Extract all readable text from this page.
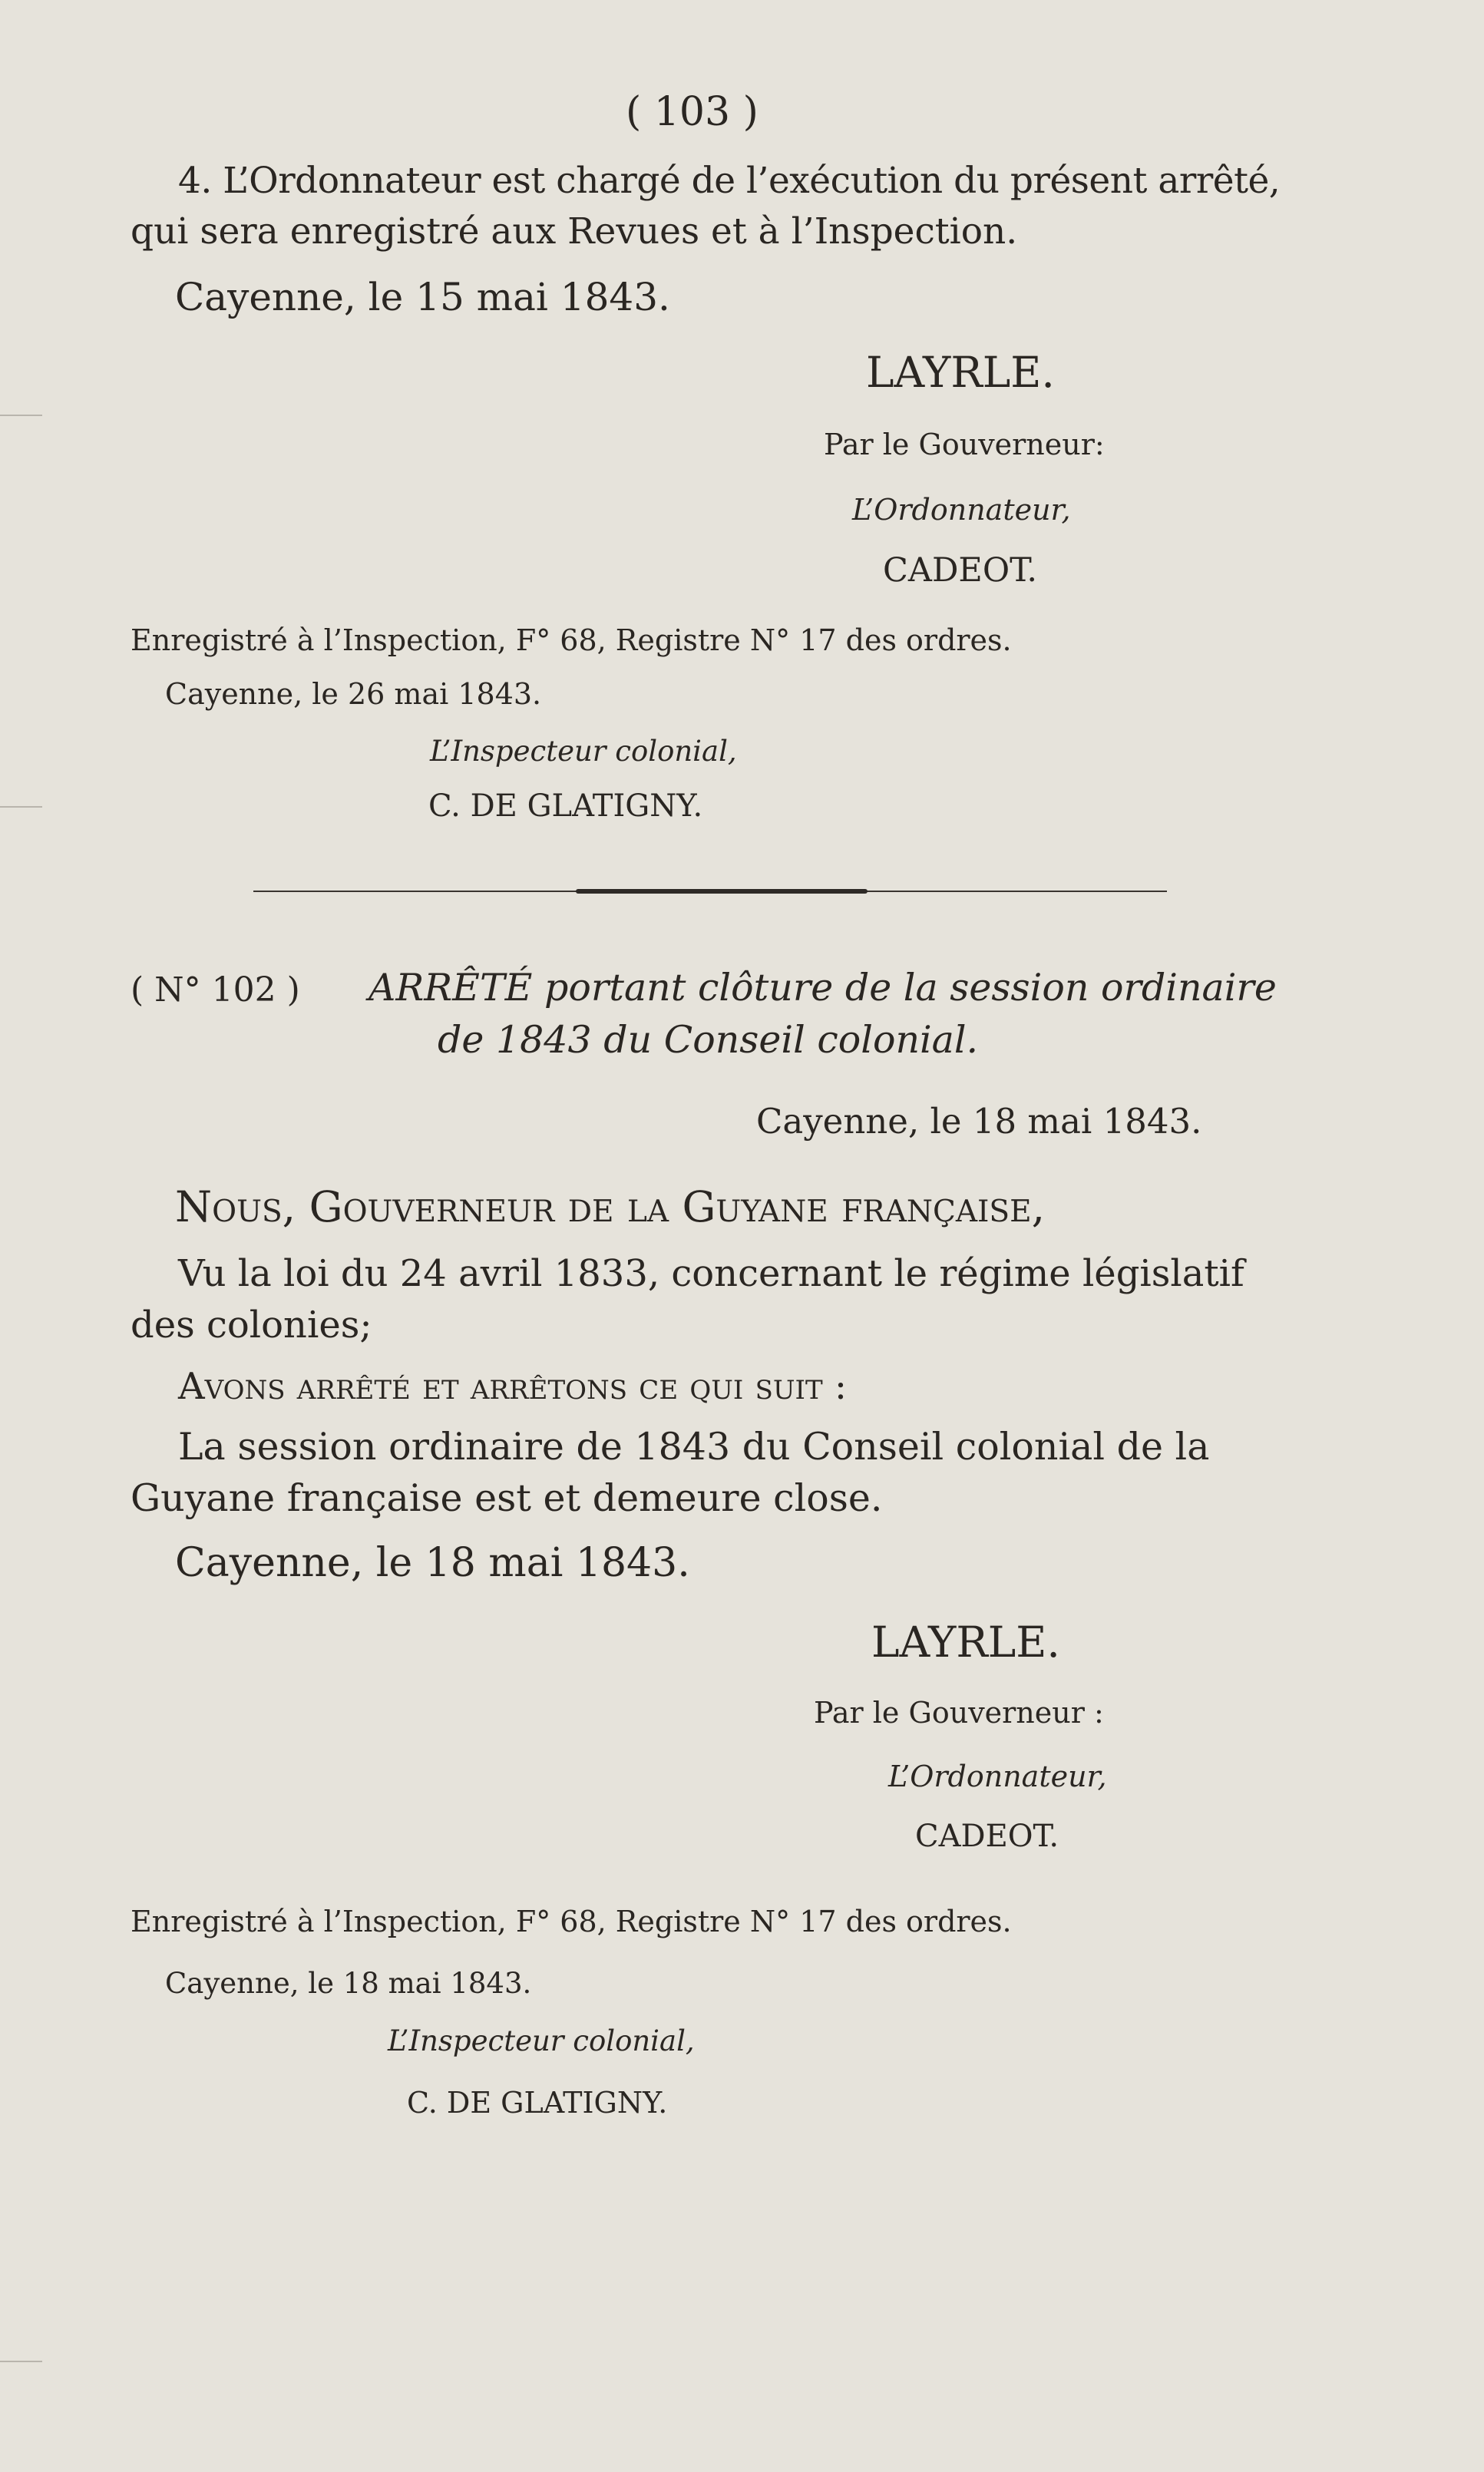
( 103 )
4. L’Ordonnateur est chargé de l’exécution du présent arrêté,
qui sera enregistré aux Revues et à l’Inspection.
Cayenne, le 15 mai 1843.
LAYRLE.
Par le Gouverneur:
L’Ordonnateur,
CADEOT.
Enregistré à l’Inspection, F° 68, Registre N° 17 des ordres.
Cayenne, le 26 mai 1843.
L’Inspecteur colonial,
C. DE GLATIGNY.
( N° 102 ) ARRÊTÉ portant clôture de la session ordinaire
de 1843 du Conseil colonial.
Cayenne, le 18 mai 1843.
Nous, Gouverneur de la Guyane française,
Vu la loi du 24 avril 1833, concernant le régime législatif
des colonies;
Avons arrêté et arrêtons ce qui suit :
La session ordinaire de 1843 du Conseil colonial de la
Guyane française est et demeure close.
Cayenne, le 18 mai 1843.
LAYRLE.
Par le Gouverneur :
L’Ordonnateur,
CADEOT.
Enregistré à l’Inspection, F° 68, Registre N° 17 des ordres.
Cayenne, le 18 mai 1843.
L’Inspecteur colonial,
C. DE GLATIGNY.
